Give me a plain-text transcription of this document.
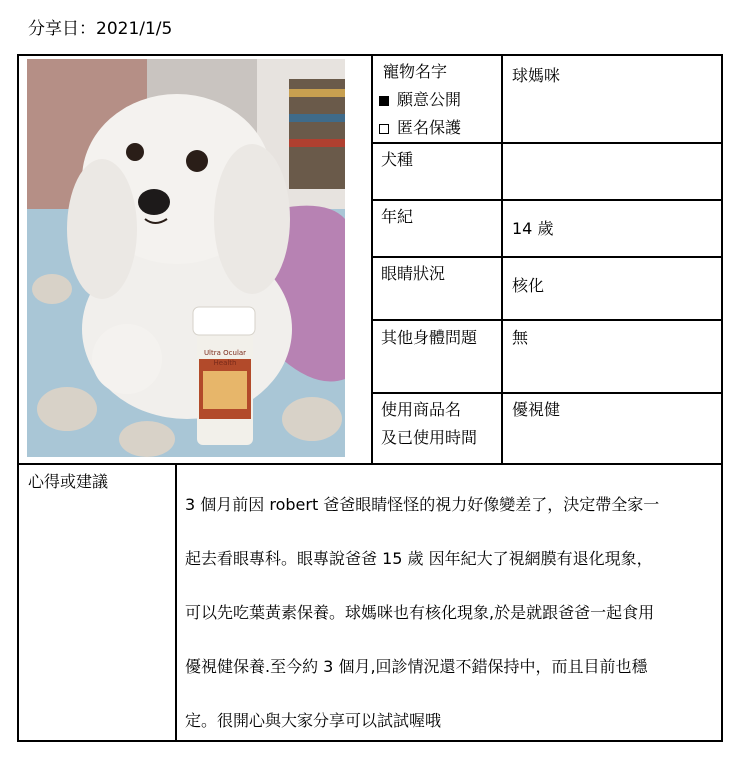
分享日：2021/1/5
Ultra Ocular
Health
寵物名字
願意公開
匿名保護
球媽咪
犬種
年紀
14 歲
眼睛狀況
核化
其他身體問題 無
使用商品名
及已使用時間
優視健
心得或建議
3 個月前因 robert 爸爸眼睛怪怪的視力好像變差了，決定帶全家一
起去看眼專科。眼專說爸爸 15 歲 因年紀大了視網膜有退化現象，
可以先吃葉黃素保養。球媽咪也有核化現象,於是就跟爸爸一起食用
優視健保養.至今約 3 個月,回診情況還不錯保持中，而且目前也穩
定。很開心與大家分享可以試試喔哦
